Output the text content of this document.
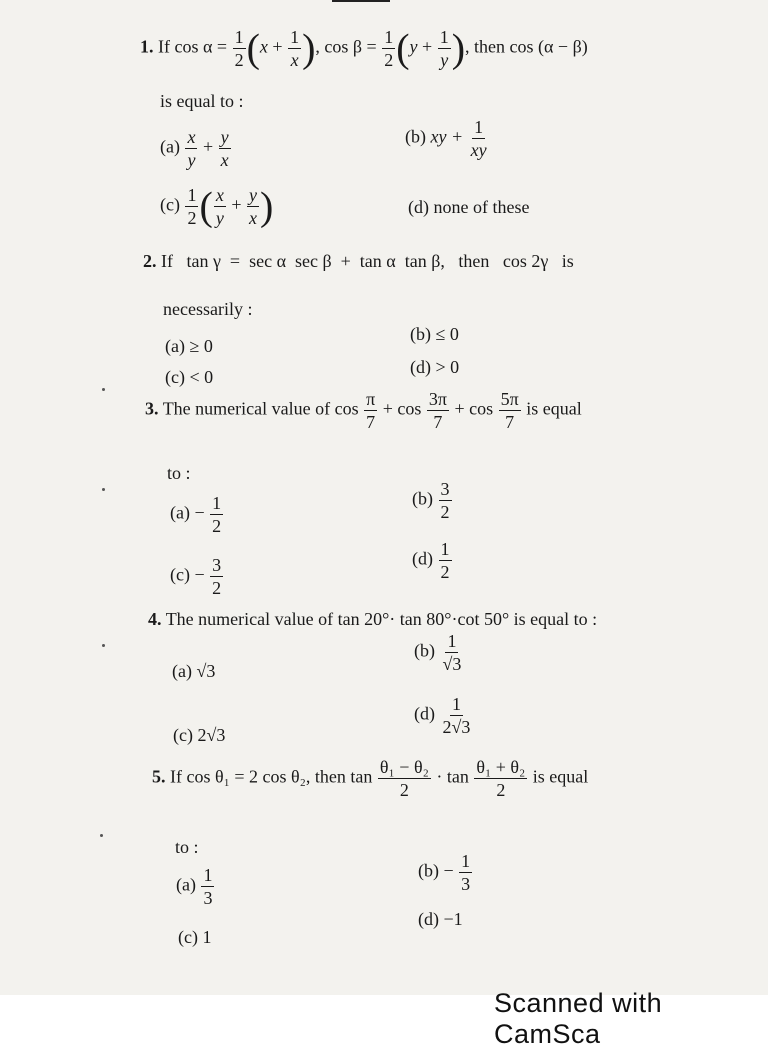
1. If $\cos \alpha = \frac{1}{2} (x + \frac{1}{x}$ ), $\cos \beta = \frac{1}{2} (y + \frac{1}{y}$ ), then cos (α − β)
is equal to :
$(a) \frac{x}{y} + \frac{y}{x}$	(b) xy + $\frac{1}{xy}$
$(c) \frac{1}{2}$ ( $\frac{x}{y} + \frac{y}{x}$ )	(d) none of these
2. If   tan γ  =  sec α  sec β  +  tan α  tan β,   then   cos 2γ   is
necessarily :
(a) ≥ 0
(b) ≤ 0
(c) < 0	(d) > 0
3. The numerical value of $\cos \frac{\pi}{7} + \cos \frac{3\pi}{7} + \cos \frac{5\pi}{7}$ is equal
to :
$(a) - \frac{1}{2}$	$(b) \frac{3}{2}$
$(c) - \frac{3}{2}$	$(d) \frac{1}{2}$
4. The numerical value of tan 20°· tan 80°·cot 50° is equal to :
(a) √3
$(b) \frac{1}{√3}$
(c) 2√3
$(d) \frac{1}{2√3}$
5. If cos θ₁ = 2 cos θ₂, then $\tan \frac{\text{θ₁ − θ₂}}{2} \cdot \tan \frac{\text{θ₁ + θ₂}}{2}$ is equal
to :
$(a) \frac{1}{3}$	$(b) - \frac{1}{3}$
(c) 1
(d) −1
Scanned with CamSca
